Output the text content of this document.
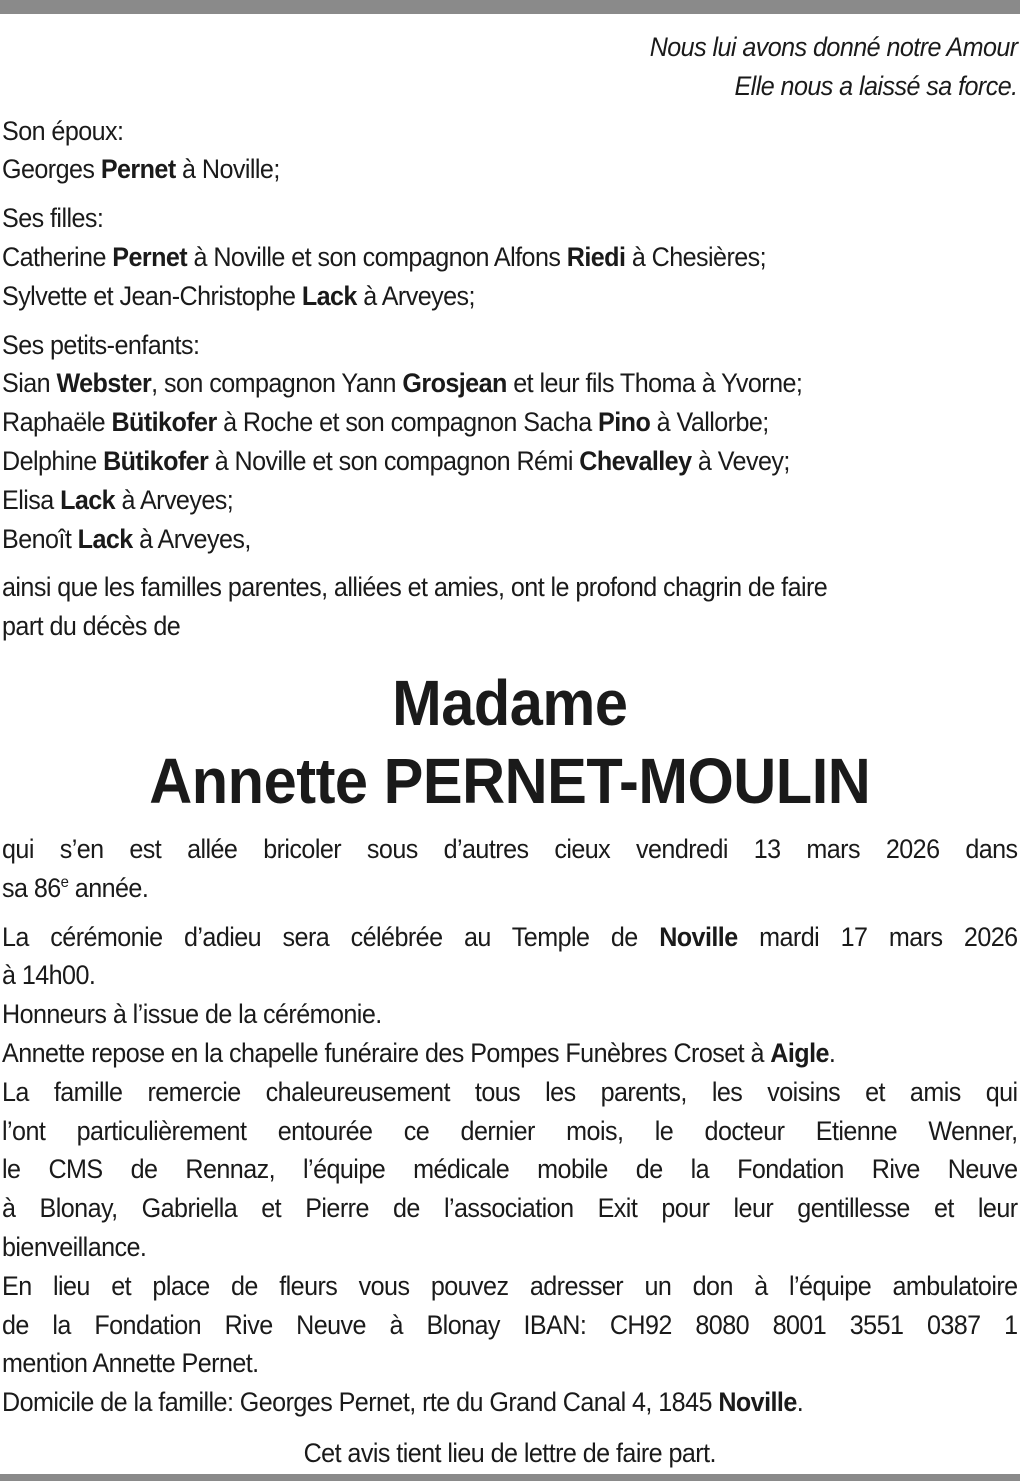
Nous lui avons donné notre Amour
Elle nous a laissé sa force.
Son époux:
Georges Pernet à Noville;
Ses filles:
Catherine Pernet à Noville et son compagnon Alfons Riedi à Chesières;
Sylvette et Jean-Christophe Lack à Arveyes;
Ses petits-enfants:
Sian Webster, son compagnon Yann Grosjean et leur fils Thoma à Yvorne;
Raphaële Bütikofer à Roche et son compagnon Sacha Pino à Vallorbe;
Delphine Bütikofer à Noville et son compagnon Rémi Chevalley à Vevey;
Elisa Lack à Arveyes;
Benoît Lack à Arveyes,
ainsi que les familles parentes, alliées et amies, ont le profond chagrin de faire
part du décès de
Madame
Annette PERNET-MOULIN
qui s’en est allée bricoler sous d’autres cieux vendredi 13 mars 2026 dans
sa 86e année.
La cérémonie d’adieu sera célébrée au Temple de Noville mardi 17 mars 2026
à 14h00.
Honneurs à l’issue de la cérémonie.
Annette repose en la chapelle funéraire des Pompes Funèbres Croset à Aigle.
La famille remercie chaleureusement tous les parents, les voisins et amis qui
l’ont particulièrement entourée ce dernier mois, le docteur Etienne Wenner,
le CMS de Rennaz, l’équipe médicale mobile de la Fondation Rive Neuve
à Blonay, Gabriella et Pierre de l’association Exit pour leur gentillesse et leur
bienveillance.
En lieu et place de fleurs vous pouvez adresser un don à l’équipe ambulatoire
de la Fondation Rive Neuve à Blonay IBAN: CH92 8080 8001 3551 0387 1
mention Annette Pernet.
Domicile de la famille: Georges Pernet, rte du Grand Canal 4, 1845 Noville.
Cet avis tient lieu de lettre de faire part.
